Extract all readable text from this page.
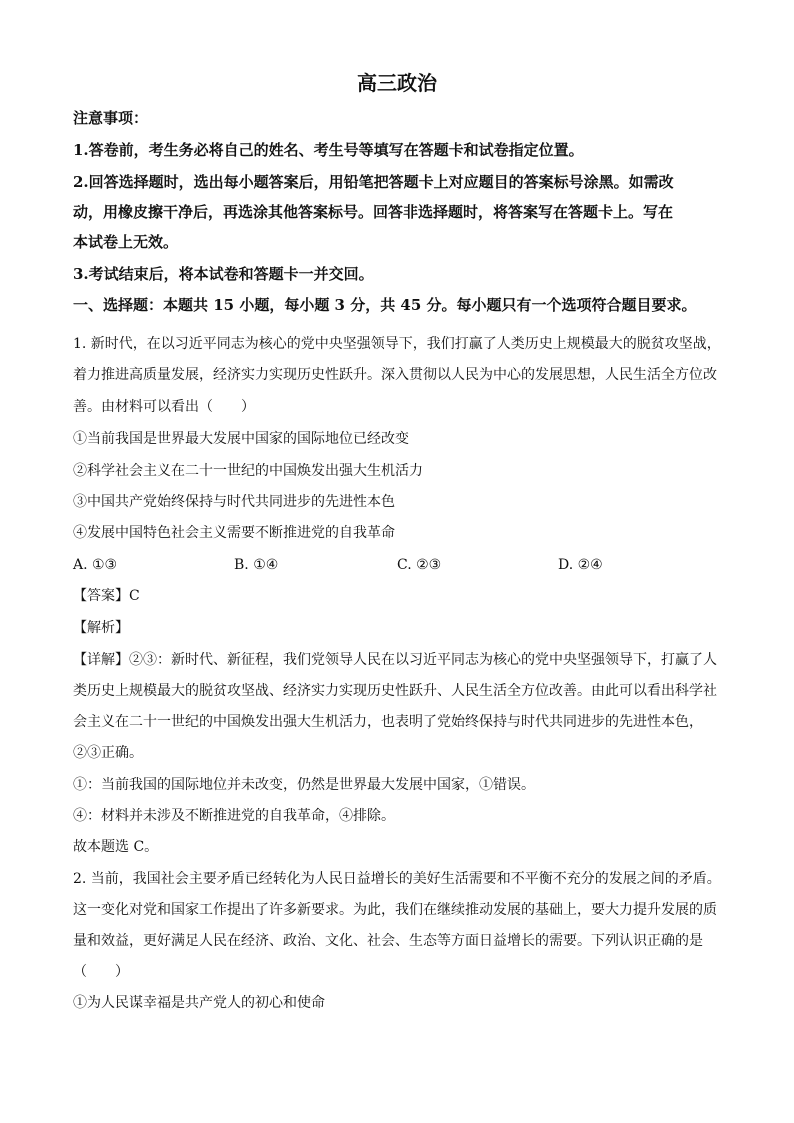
高三政治
注意事项：
1.答卷前，考生务必将自己的姓名、考生号等填写在答题卡和试卷指定位置。
2.回答选择题时，选出每小题答案后，用铅笔把答题卡上对应题目的答案标号涂黑。如需改
动，用橡皮擦干净后，再选涂其他答案标号。回答非选择题时，将答案写在答题卡上。写在
本试卷上无效。
3.考试结束后，将本试卷和答题卡一并交回。
一、选择题：本题共 15 小题，每小题 3 分，共 45 分。每小题只有一个选项符合题目要求。
1. 新时代，在以习近平同志为核心的党中央坚强领导下，我们打赢了人类历史上规模最大的脱贫攻坚战，
着力推进高质量发展，经济实力实现历史性跃升。深入贯彻以人民为中心的发展思想，人民生活全方位改
善。由材料可以看出（　　）
①当前我国是世界最大发展中国家的国际地位已经改变
②科学社会主义在二十一世纪的中国焕发出强大生机活力
③中国共产党始终保持与时代共同进步的先进性本色
④发展中国特色社会主义需要不断推进党的自我革命
A. ①③	B. ①④	C. ②③	D. ②④
【答案】C
【解析】
【详解】②③：新时代、新征程，我们党领导人民在以习近平同志为核心的党中央坚强领导下，打赢了人
类历史上规模最大的脱贫攻坚战、经济实力实现历史性跃升、人民生活全方位改善。由此可以看出科学社
会主义在二十一世纪的中国焕发出强大生机活力，也表明了党始终保持与时代共同进步的先进性本色，
②③正确。
①：当前我国的国际地位并未改变，仍然是世界最大发展中国家，①错误。
④：材料并未涉及不断推进党的自我革命，④排除。
故本题选 C。
2. 当前，我国社会主要矛盾已经转化为人民日益增长的美好生活需要和不平衡不充分的发展之间的矛盾。
这一变化对党和国家工作提出了许多新要求。为此，我们在继续推动发展的基础上，要大力提升发展的质
量和效益，更好满足人民在经济、政治、文化、社会、生态等方面日益增长的需要。下列认识正确的是
（　　）
①为人民谋幸福是共产党人的初心和使命
